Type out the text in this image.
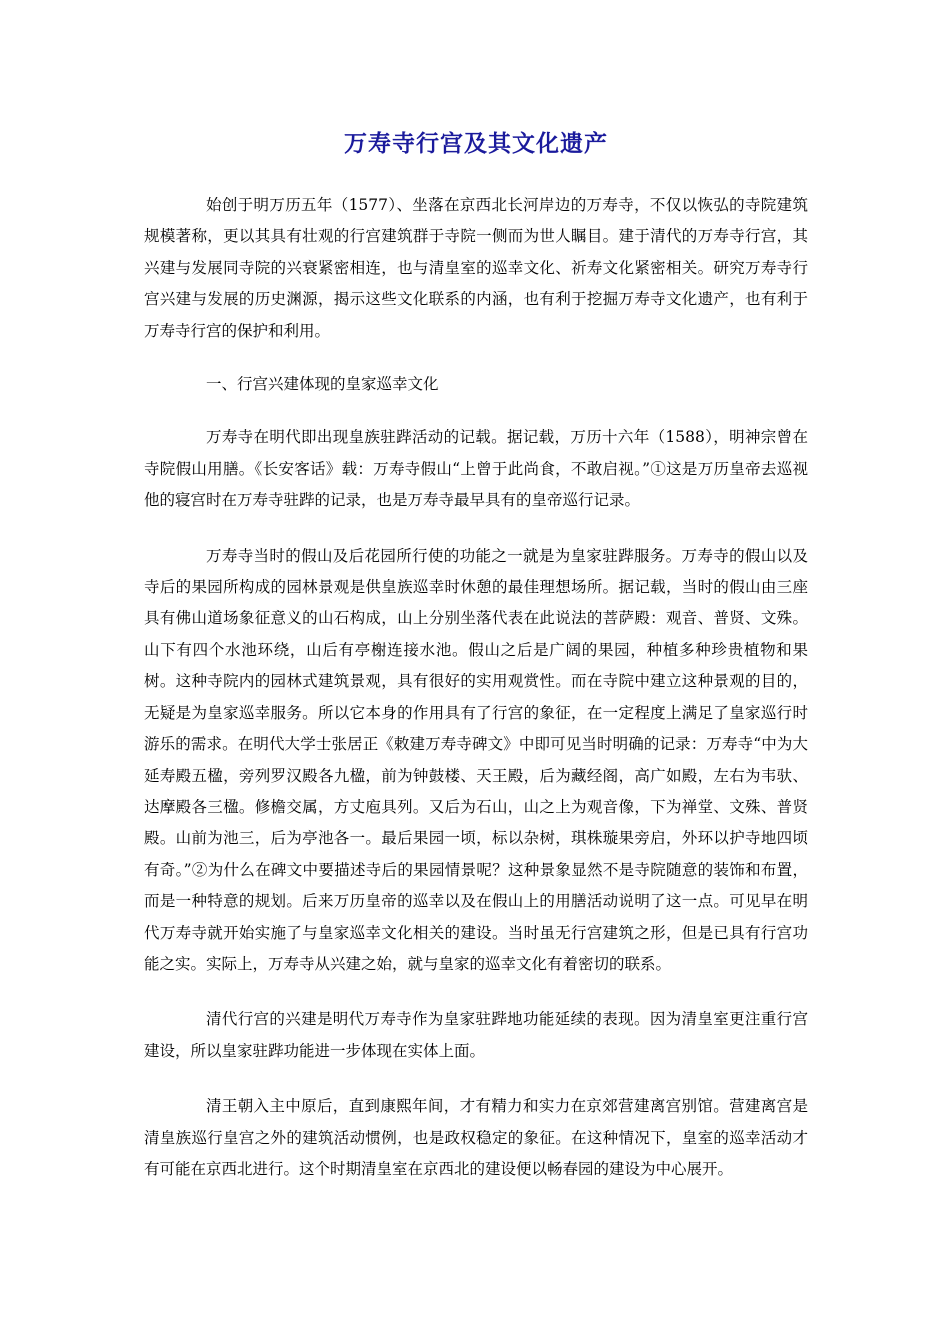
万寿寺行宫及其文化遗产

始创于明万历五年（1577）、坐落在京西北长河岸边的万寿寺，不仅以恢弘的寺院建筑规模著称，更以其具有壮观的行宫建筑群于寺院一侧而为世人瞩目。建于清代的万寿寺行宫，其兴建与发展同寺院的兴衰紧密相连，也与清皇室的巡幸文化、祈寿文化紧密相关。研究万寿寺行宫兴建与发展的历史渊源，揭示这些文化联系的内涵，也有利于挖掘万寿寺文化遗产，也有利于万寿寺行宫的保护和利用。

一、行宫兴建体现的皇家巡幸文化

万寿寺在明代即出现皇族驻跸活动的记载。据记载，万历十六年（1588），明神宗曾在寺院假山用膳。《长安客话》载：万寿寺假山“上曾于此尚食，不敢启视。”①这是万历皇帝去巡视他的寝宫时在万寿寺驻跸的记录，也是万寿寺最早具有的皇帝巡行记录。

万寿寺当时的假山及后花园所行使的功能之一就是为皇家驻跸服务。万寿寺的假山以及寺后的果园所构成的园林景观是供皇族巡幸时休憩的最佳理想场所。据记载，当时的假山由三座具有佛山道场象征意义的山石构成，山上分别坐落代表在此说法的菩萨殿：观音、普贤、文殊。山下有四个水池环绕，山后有亭榭连接水池。假山之后是广阔的果园，种植多种珍贵植物和果树。这种寺院内的园林式建筑景观，具有很好的实用观赏性。而在寺院中建立这种景观的目的，无疑是为皇家巡幸服务。所以它本身的作用具有了行宫的象征，在一定程度上满足了皇家巡行时游乐的需求。在明代大学士张居正《敕建万寿寺碑文》中即可见当时明确的记录：万寿寺“中为大延寿殿五楹，旁列罗汉殿各九楹，前为钟鼓楼、天王殿，后为藏经阁，高广如殿，左右为韦驮、达摩殿各三楹。修檐交属，方丈庖具列。又后为石山，山之上为观音像，下为禅堂、文殊、普贤殿。山前为池三，后为亭池各一。最后果园一顷，标以杂树，琪株璇果旁启，外环以护寺地四顷有奇。”②为什么在碑文中要描述寺后的果园情景呢？这种景象显然不是寺院随意的装饰和布置，而是一种特意的规划。后来万历皇帝的巡幸以及在假山上的用膳活动说明了这一点。可见早在明代万寿寺就开始实施了与皇家巡幸文化相关的建设。当时虽无行宫建筑之形，但是已具有行宫功能之实。实际上，万寿寺从兴建之始，就与皇家的巡幸文化有着密切的联系。

清代行宫的兴建是明代万寿寺作为皇家驻跸地功能延续的表现。因为清皇室更注重行宫建设，所以皇家驻跸功能进一步体现在实体上面。

清王朝入主中原后，直到康熙年间，才有精力和实力在京郊营建离宫别馆。营建离宫是清皇族巡行皇宫之外的建筑活动惯例，也是政权稳定的象征。在这种情况下，皇室的巡幸活动才有可能在京西北进行。这个时期清皇室在京西北的建设便以畅春园的建设为中心展开。
